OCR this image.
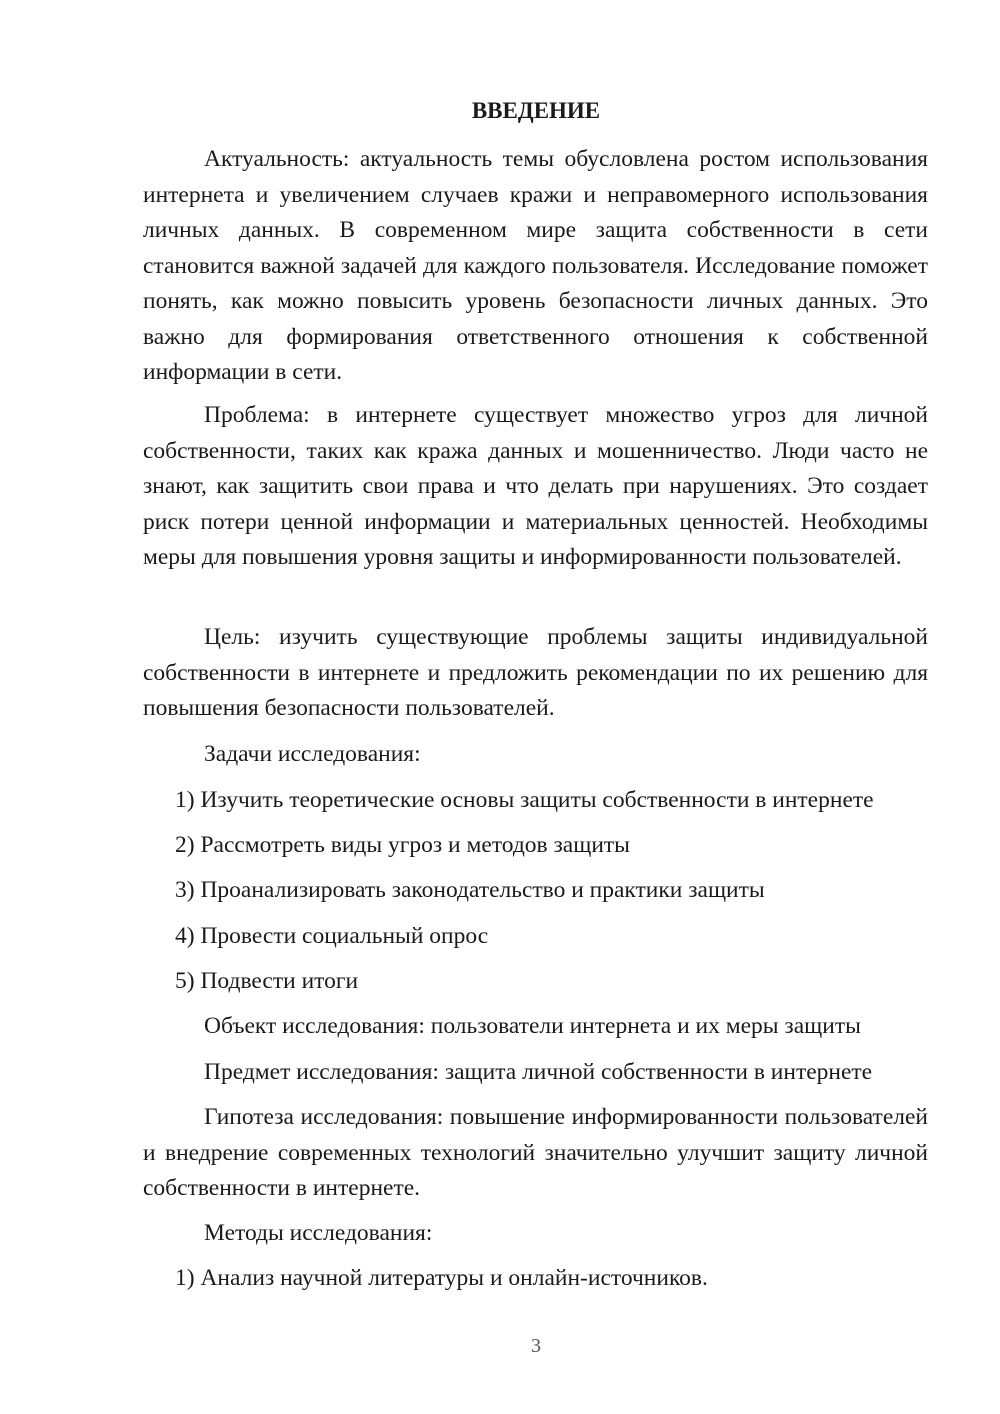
ВВЕДЕНИЕ

Актуальность: актуальность темы обусловлена ростом использования интернета и увеличением случаев кражи и неправомерного использования личных данных. В современном мире защита собственности в сети становится важной задачей для каждого пользователя. Исследование поможет понять, как можно повысить уровень безопасности личных данных. Это важно для формирования ответственного отношения к собственной информации в сети.

Проблема: в интернете существует множество угроз для личной собственности, таких как кража данных и мошенничество. Люди часто не знают, как защитить свои права и что делать при нарушениях. Это создает риск потери ценной информации и материальных ценностей. Необходимы меры для повышения уровня защиты и информированности пользователей.

Цель: изучить существующие проблемы защиты индивидуальной собственности в интернете и предложить рекомендации по их решению для повышения безопасности пользователей.

Задачи исследования:

1) Изучить теоретические основы защиты собственности в интернете

2) Рассмотреть виды угроз и методов защиты

3) Проанализировать законодательство и практики защиты

4) Провести социальный опрос

5) Подвести итоги

Объект исследования: пользователи интернета и их меры защиты

Предмет исследования: защита личной собственности в интернете

Гипотеза исследования: повышение информированности пользователей и внедрение современных технологий значительно улучшит защиту личной собственности в интернете.

Методы исследования:

1) Анализ научной литературы и онлайн-источников.

3
